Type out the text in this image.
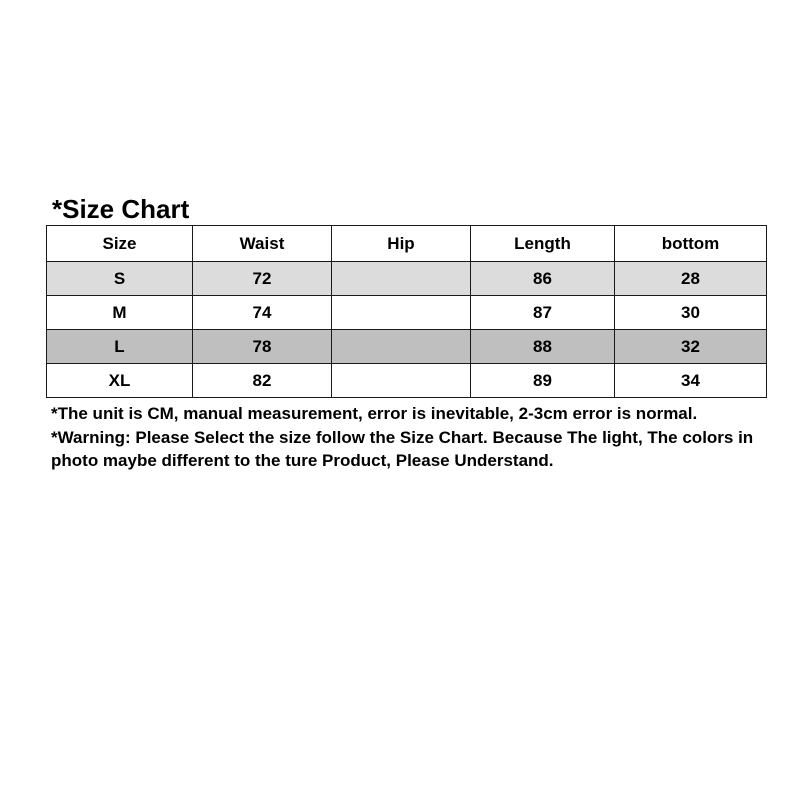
*Size Chart
Size	Waist	Hip	Length	bottom
S	72		86	28
M	74		87	30
L	78		88	32
XL	82		89	34
*The unit is CM, manual measurement, error is inevitable, 2-3cm error is normal. *Warning: Please Select the size follow the Size Chart. Because The light, The colors in photo maybe different to the ture Product, Please Understand.
